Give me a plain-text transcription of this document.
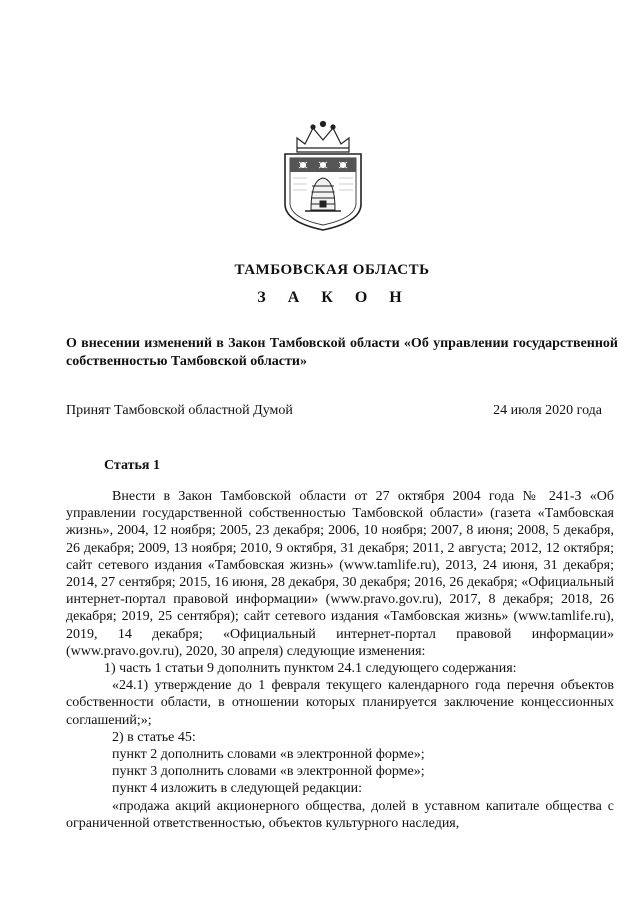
ТАМБОВСКАЯ ОБЛАСТЬ
З А К О Н
О внесении изменений в Закон Тамбовской области «Об управлении государственной собственностью Тамбовской области»
Принят Тамбовской областной Думой	24 июля 2020 года
Статья 1

Внести в Закон Тамбовской области от 27 октября 2004 года № 241-З «Об управлении государственной собственностью Тамбовской области» (газета «Тамбовская жизнь», 2004, 12 ноября; 2005, 23 декабря; 2006, 10 ноября; 2007, 8 июня; 2008, 5 декабря, 26 декабря; 2009, 13 ноября; 2010, 9 октября, 31 декабря; 2011, 2 августа; 2012, 12 октября; сайт сетевого издания «Тамбовская жизнь» (www.tamlife.ru), 2013, 24 июня, 31 декабря; 2014, 27 сентября; 2015, 16 июня, 28 декабря, 30 декабря; 2016, 26 декабря; «Официальный интернет-портал правовой информации» (www.pravo.gov.ru), 2017, 8 декабря; 2018, 26 декабря; 2019, 25 сентября); сайт сетевого издания «Тамбовская жизнь» (www.tamlife.ru), 2019, 14 декабря; «Официальный интернет-портал правовой информации» (www.pravo.gov.ru), 2020, 30 апреля) следующие изменения:

1) часть 1 статьи 9 дополнить пунктом 24.1 следующего содержания:

«24.1) утверждение до 1 февраля текущего календарного года перечня объектов собственности области, в отношении которых планируется заключение концессионных соглашений;»;

2) в статье 45:

пункт 2 дополнить словами «в электронной форме»;

пункт 3 дополнить словами «в электронной форме»;

пункт 4 изложить в следующей редакции:

«продажа акций акционерного общества, долей в уставном капитале общества с ограниченной ответственностью, объектов культурного наследия,
